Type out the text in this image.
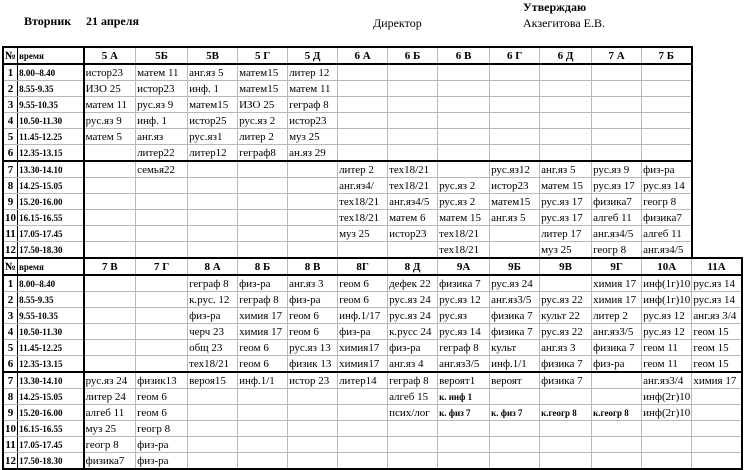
Вторник 21 апреля	Директор
Утверждаю
Акзегитова Е.В.
№	время	5 А	5Б	5В	5 Г	5 Д	6 А	6 Б	6 В	6 Г	6 Д	7 А	7 Б
1	8.00–8.40	истор23	матем 11	анг.яз 5	матем15	литер 12							
2	8.55-9.35	ИЗО 25	истор23	инф. 1	матем15	матем 11							
3	9.55-10.35	матем 11	рус.яз 9	матем15	ИЗО 25	геграф 8							
4	10.50-11.30	рус.яз 9	инф. 1	истор25	рус.яз 2	истор23							
5	11.45-12.25	матем 5	анг.яз	рус.яз1	литер 2	муз 25							
6	12.35-13.15		литер22	литер12	геграф8	ан.яз 29							
7	13.30-14.10		семья22				литер 2	тех18/21		рус.яз12	анг.яз 5	рус.яз 9	физ-ра
8	14.25-15.05						анг.яз4/	тех18/21	рус.яз 2	истор23	матем 15	рус.яз 17	рус.яз 14
9	15.20-16.00						тех18/21	анг.яз4/5	рус.яз 2	матем15	рус.яз 17	физика7	геогр 8
10	16.15-16.55						тех18/21	матем 6	матем 15	анг.яз 5	рус.яз 17	алгеб 11	физика7
11	17.05-17.45						муз 25	истор23	тех18/21		литер 17	анг.яз4/5	алгеб 11
12	17.50-18.30								тех18/21		муз 25	геогр 8	анг.яз4/5
№	время	7 В	7 Г	8 А	8 Б	8 В	8Г	8 Д	9А	9Б	9В	9Г	10А	11А
1	8.00–8.40			геграф 8	физ-ра	анг.яз 3	геом 6	дефек 22	физика 7	рус.яз 24		химия 17	инф(1г)10	рус.яз 14
2	8.55-9.35			к.рус. 12	геграф 8	физ-ра	геом 6	рус.яз 24	рус.яз 12	анг.яз3/5	рус.яз 22	химия 17	инф(1г)10	рус.яз 14
3	9.55-10.35			физ-ра	химия 17	геом 6	инф.1/17	рус.яз 24	рус.яз	физика 7	культ 22	литер 2	рус.яз 12	анг.яз 3/4
4	10.50-11.30			черч 23	химия 17	геом 6	физ-ра	к.русс 24	рус.яз 14	физика 7	рус.яз 22	анг.яз3/5	рус.яз 12	геом 15
5	11.45-12.25			общ 23	геом 6	рус.яз 13	химия17	физ-ра	геграф 8	культ	анг.яз 3	физика 7	геом 11	геом 15
6	12.35-13.15			тех18/21	геом 6	физик 13	химия17	анг.яз 4	анг.яз3/5	инф.1/1	физика 7	физ-ра	геом 11	геом 15
7	13.30-14.10	рус.яз 24	физик13	вероя15	инф.1/1	истор 23	литер14	геграф 8	вероят1	вероят	физика 7		анг.яз3/4	химия 17
8	14.25-15.05	литер 24	геом 6					алгеб 15	к. инф 1				инф(2г)10	
9	15.20-16.00	алгеб 11	геом 6					псих/лог	к. физ 7	к. физ 7	к.геогр 8	к.геогр 8	инф(2г)10	
10	16.15-16.55	муз 25	геогр 8											
11	17.05-17.45	геогр 8	физ-ра											
12	17.50-18.30	физика7	физ-ра											
